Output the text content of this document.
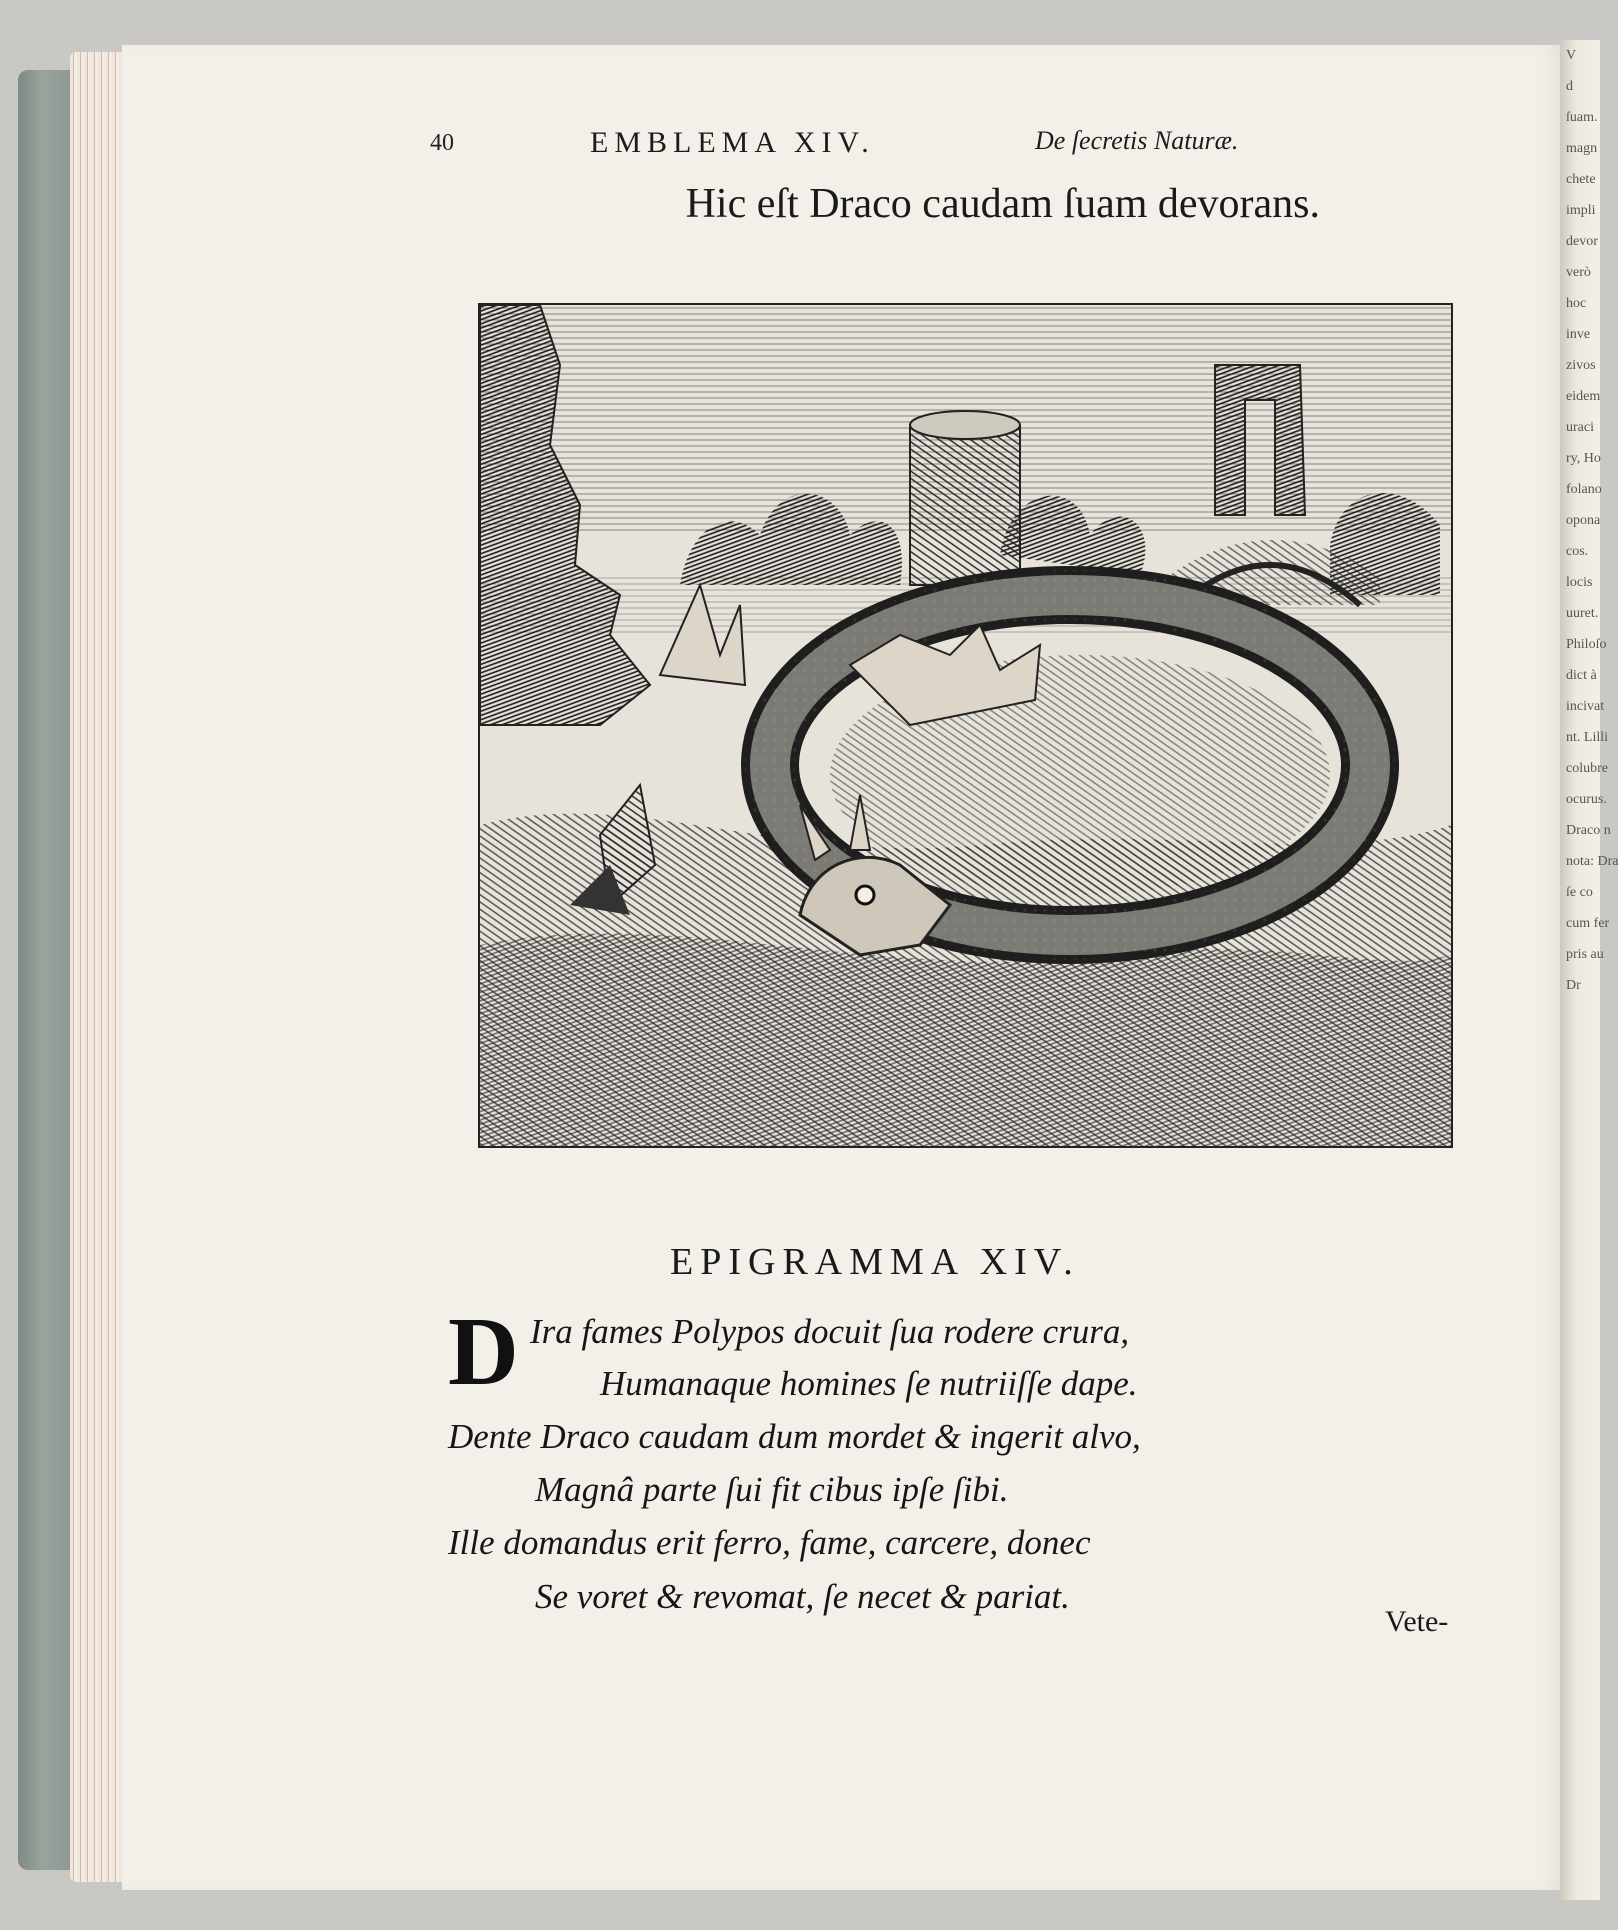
V
d
ſuam.
magn
chete
impli
devor
verò
hoc
inve
zivos
eidem
uraci
ry, Ho
folano
opona
cos.
locis
uuret.
Philoſo
dict à
incivat
nt. Lilli
colubre
ocurus.
Draco n
nota: Dra
ſe co
cum fer
pris au
Dr
40	EMBLEMA XIV.	De ſecretis Naturæ.
Hic eſt Draco caudam ſuam devorans.
EPIGRAMMA XIV.
D Ira fames Polypos docuit ſua rodere crura,
Humanaque homines ſe nutriiſſe dape.
Dente Draco caudam dum mordet & ingerit alvo,
Magnâ parte ſui fit cibus ipſe ſibi.
Ille domandus erit ferro, fame, carcere, donec
Se voret & revomat, ſe necet & pariat.
Vete-
